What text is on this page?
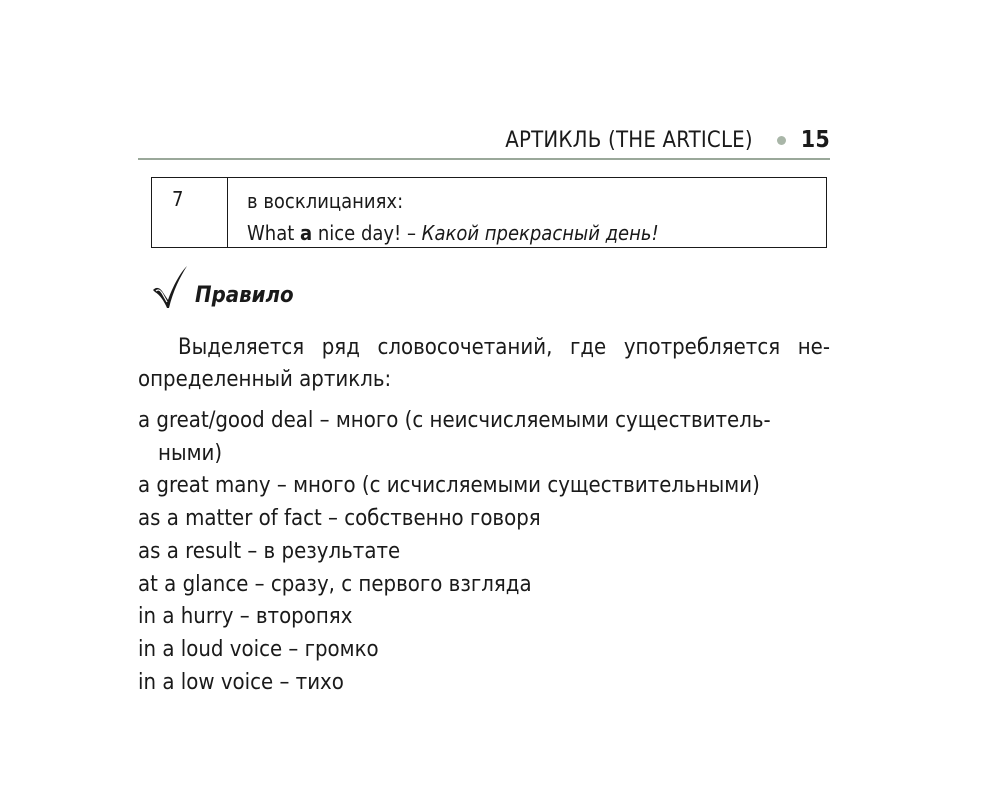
АРТИКЛЬ (THE ARTICLE) 15
7	в восклицаниях:
What a nice day! – Какой прекрасный день!
Правило

Выделяется ряд словосочетаний, где употребляется не-определенный артикль:

a great/good deal – много (с неисчисляемыми существитель-
ными)
a great many – много (с исчисляемыми существительными)
as a matter of fact – собственно говоря
as a result – в результате
at a glance – сразу, с первого взгляда
in a hurry – второпях
in a loud voice – громко
in a low voice – тихо
